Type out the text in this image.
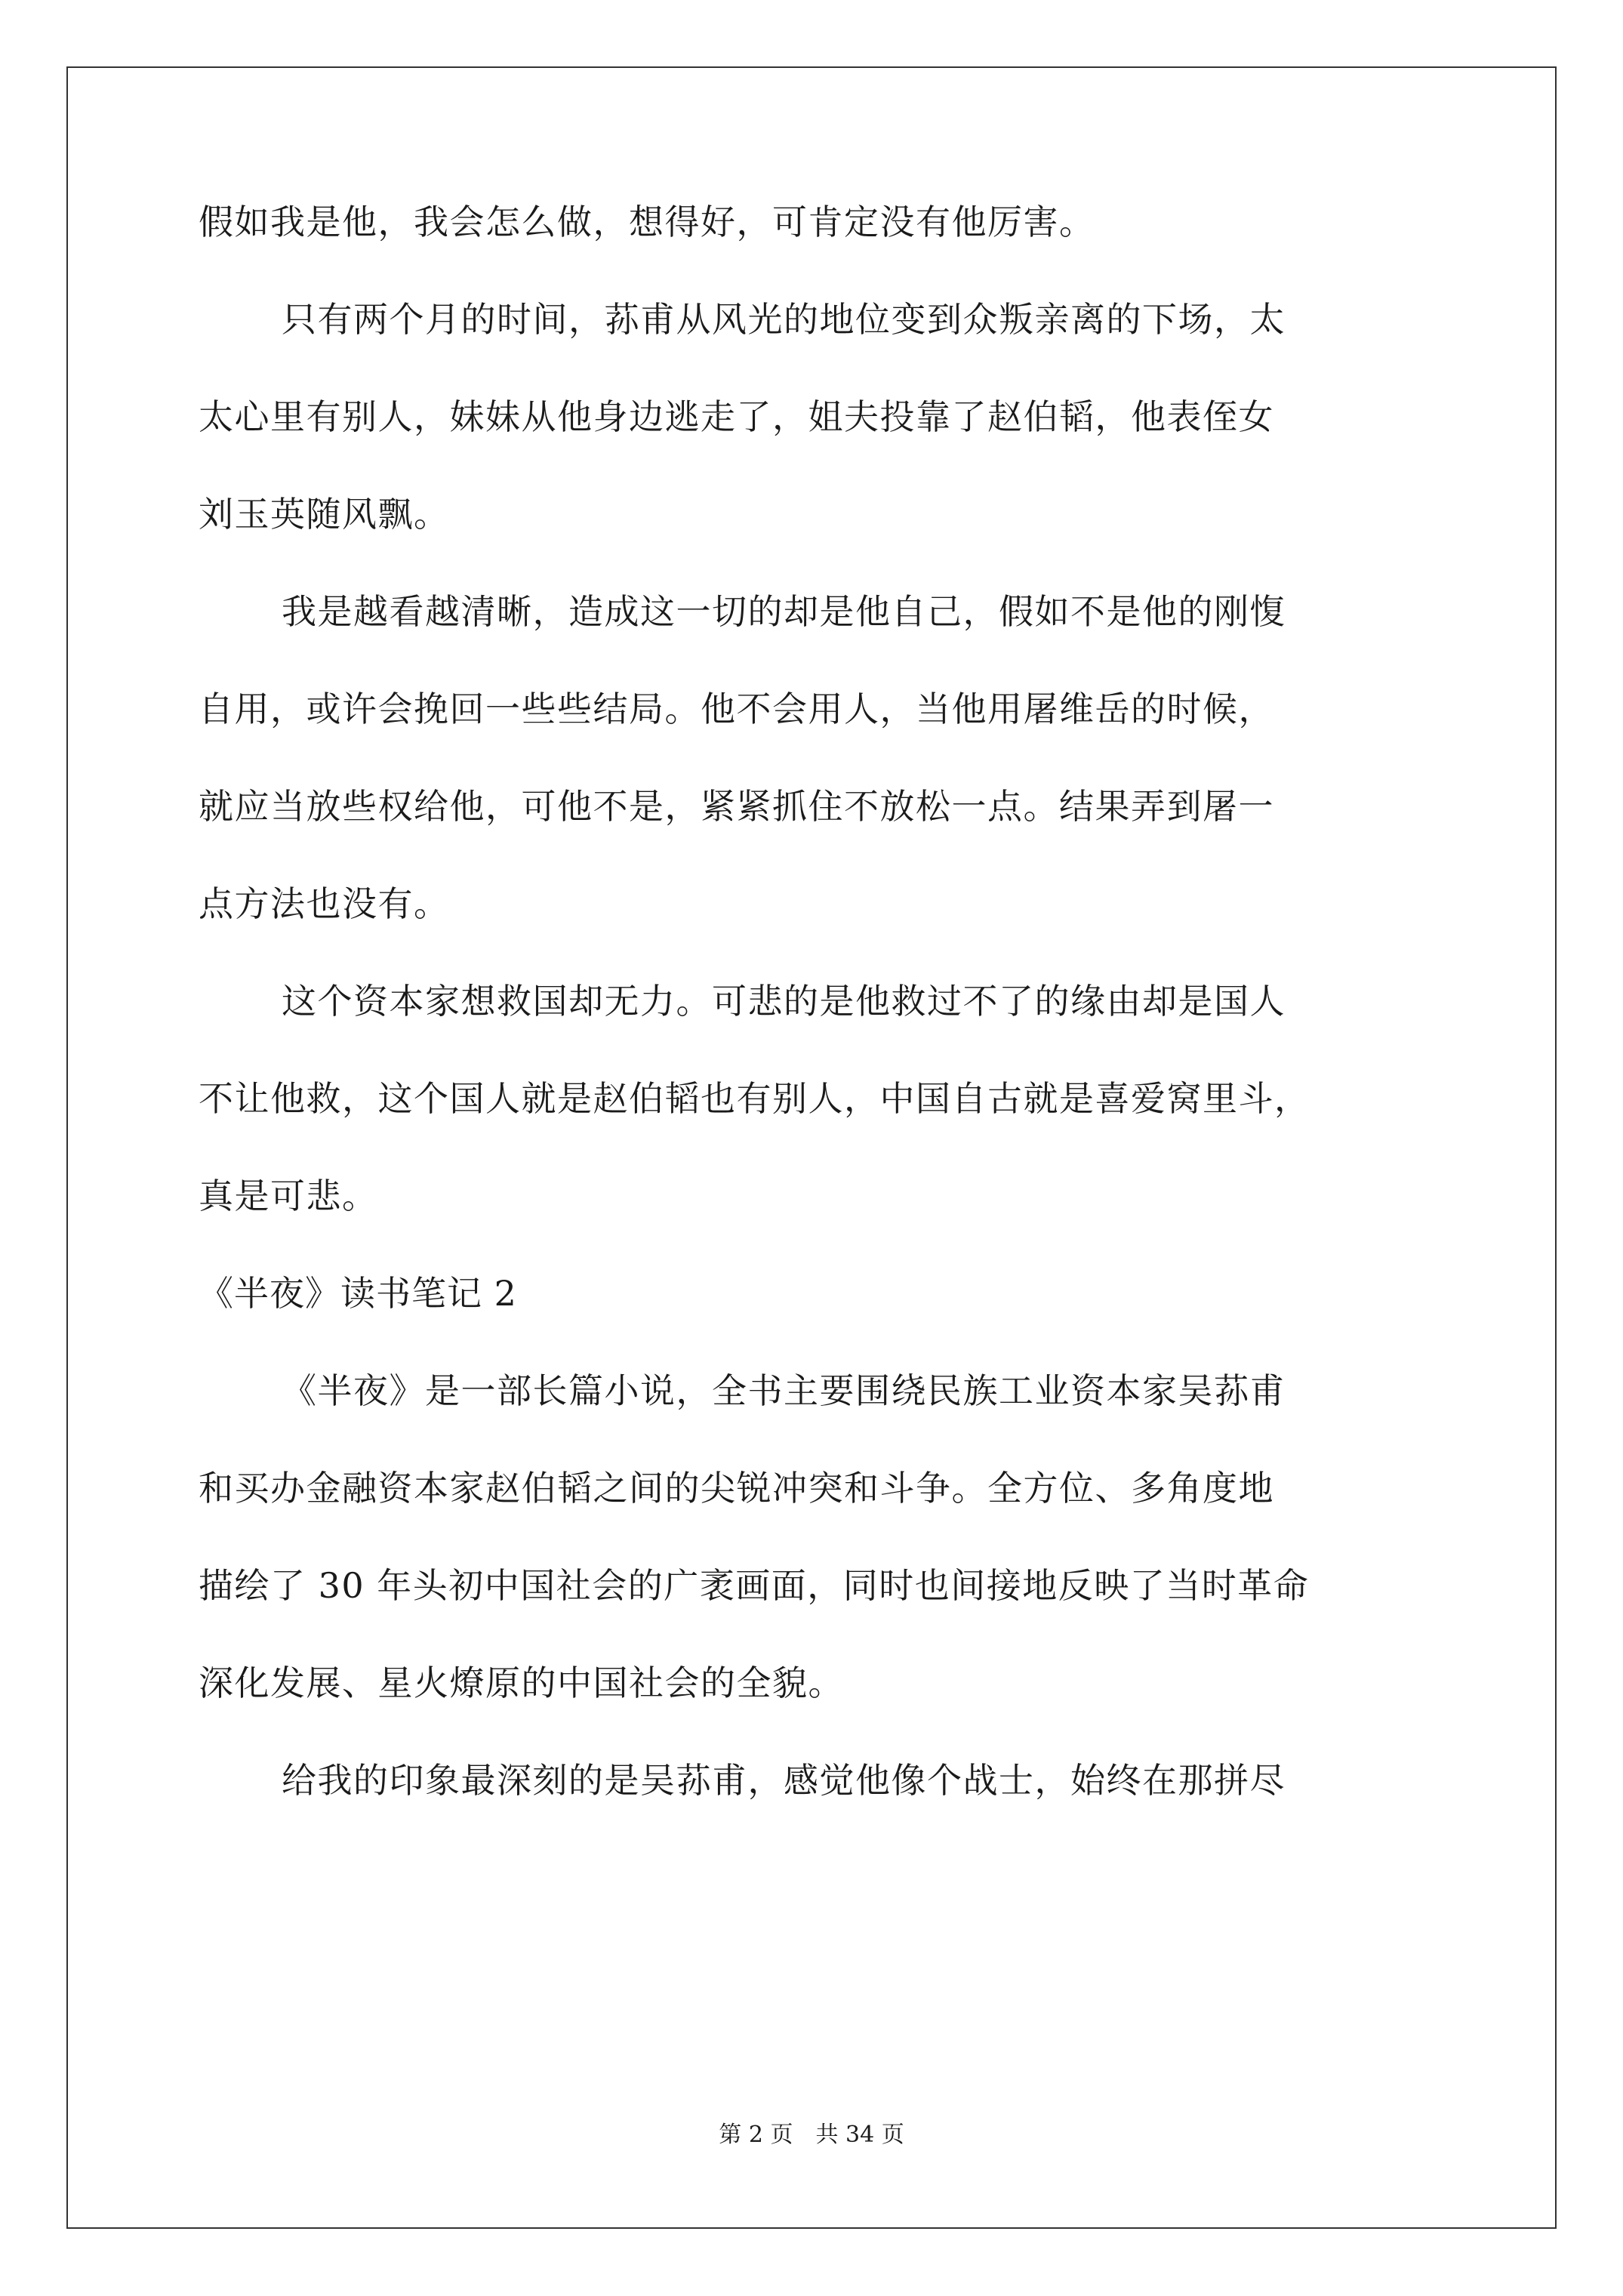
假如我是他，我会怎么做，想得好，可肯定没有他厉害。
只有两个月的时间，荪甫从风光的地位变到众叛亲离的下场，太
太心里有别人，妹妹从他身边逃走了，姐夫投靠了赵伯韬，他表侄女
刘玉英随风飘。
我是越看越清晰，造成这一切的却是他自己，假如不是他的刚愎
自用，或许会挽回一些些结局。他不会用人，当他用屠维岳的时候，
就应当放些权给他，可他不是，紧紧抓住不放松一点。结果弄到屠一
点方法也没有。
这个资本家想救国却无力。可悲的是他救过不了的缘由却是国人
不让他救，这个国人就是赵伯韬也有别人，中国自古就是喜爱窝里斗，
真是可悲。
《半夜》读书笔记 2
《半夜》是一部长篇小说，全书主要围绕民族工业资本家吴荪甫
和买办金融资本家赵伯韬之间的尖锐冲突和斗争。全方位、多角度地
描绘了 30 年头初中国社会的广袤画面，同时也间接地反映了当时革命
深化发展、星火燎原的中国社会的全貌。
给我的印象最深刻的是吴荪甫，感觉他像个战士，始终在那拼尽
第 2 页 共 34 页
